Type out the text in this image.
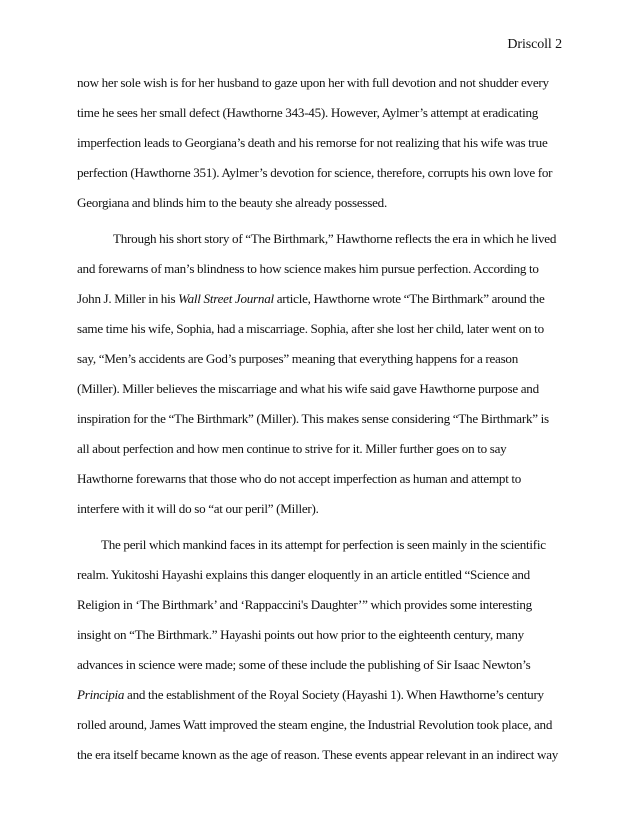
Driscoll 2
now her sole wish is for her husband to gaze upon her with full devotion and not shudder every
time he sees her small defect (Hawthorne 343-45). However, Aylmer’s attempt at eradicating
imperfection leads to Georgiana’s death and his remorse for not realizing that his wife was true
perfection (Hawthorne 351). Aylmer’s devotion for science, therefore, corrupts his own love for
Georgiana and blinds him to the beauty she already possessed.
Through his short story of “The Birthmark,” Hawthorne reflects the era in which he lived
and forewarns of man’s blindness to how science makes him pursue perfection. According to
John J. Miller in his Wall Street Journal article, Hawthorne wrote “The Birthmark” around the
same time his wife, Sophia, had a miscarriage. Sophia, after she lost her child, later went on to
say, “Men’s accidents are God’s purposes” meaning that everything happens for a reason
(Miller). Miller believes the miscarriage and what his wife said gave Hawthorne purpose and
inspiration for the “The Birthmark” (Miller). This makes sense considering “The Birthmark” is
all about perfection and how men continue to strive for it. Miller further goes on to say
Hawthorne forewarns that those who do not accept imperfection as human and attempt to
interfere with it will do so “at our peril” (Miller).
The peril which mankind faces in its attempt for perfection is seen mainly in the scientific
realm. Yukitoshi Hayashi explains this danger eloquently in an article entitled “Science and
Religion in ‘The Birthmark’ and ‘Rappaccini's Daughter’” which provides some interesting
insight on “The Birthmark.” Hayashi points out how prior to the eighteenth century, many
advances in science were made; some of these include the publishing of Sir Isaac Newton’s
Principia and the establishment of the Royal Society (Hayashi 1). When Hawthorne’s century
rolled around, James Watt improved the steam engine, the Industrial Revolution took place, and
the era itself became known as the age of reason. These events appear relevant in an indirect way
